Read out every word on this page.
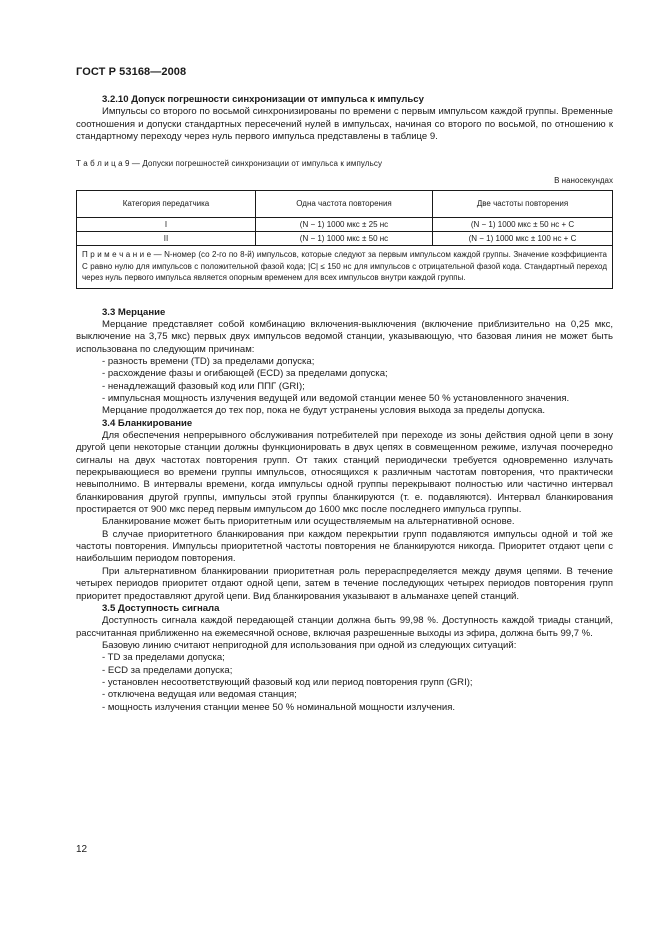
ГОСТ Р 53168—2008

3.2.10 Допуск погрешности синхронизации от импульса к импульсу

Импульсы со второго по восьмой синхронизированы по времени с первым импульсом каждой группы. Временные соотношения и допуски стандартных пересечений нулей в импульсах, начиная со второго по восьмой, по отношению к стандартному переходу через нуль первого импульса представлены в таблице 9.

Т а б л и ц а 9 — Допуски погрешностей синхронизации от импульса к импульсу

В наносекундах

Категория передатчика	Одна частота повторения	Две частоты повторения
I	(N − 1) 1000 мкс ± 25 нс	(N − 1) 1000 мкс ± 50 нс + C
II	(N − 1) 1000 мкс ± 50 нс	(N − 1) 1000 мкс ± 100 нс + C
П р и м е ч а н и е — N-номер (со 2-го по 8-й) импульсов, которые следуют за первым импульсом каждой группы. Значение коэффициента C равно нулю для импульсов с положительной фазой кода; |C| ≤ 150 нс для импульсов с отрицательной фазой кода. Стандартный переход через нуль первого импульса является опорным временем для всех импульсов внутри каждой группы.		

3.3 Мерцание

Мерцание представляет собой комбинацию включения-выключения (включение приблизительно на 0,25 мкс, выключение на 3,75 мкс) первых двух импульсов ведомой станции, указывающую, что базовая линия не может быть использована по следующим причинам:

- разность времени (TD) за пределами допуска;

- расхождение фазы и огибающей (ECD) за пределами допуска;

- ненадлежащий фазовый код или ППГ (GRI);

- импульсная мощность излучения ведущей или ведомой станции менее 50 % установленного значения.

Мерцание продолжается до тех пор, пока не будут устранены условия выхода за пределы допуска.

3.4 Бланкирование

Для обеспечения непрерывного обслуживания потребителей при переходе из зоны действия одной цепи в зону другой цепи некоторые станции должны функционировать в двух цепях в совмещенном режиме, излучая поочередно сигналы на двух частотах повторения групп. От таких станций периодически требуется одновременно излучать перекрывающиеся во времени группы импульсов, относящихся к различным частотам повторения, что практически невыполнимо. В интервалы времени, когда импульсы одной группы перекрывают полностью или частично интервал бланкирования другой группы, импульсы этой группы бланкируются (т. е. подавляются). Интервал бланкирования простирается от 900 мкс перед первым импульсом до 1600 мкс после последнего импульса группы.

Бланкирование может быть приоритетным или осуществляемым на альтернативной основе.

В случае приоритетного бланкирования при каждом перекрытии групп подавляются импульсы одной и той же частоты повторения. Импульсы приоритетной частоты повторения не бланкируются никогда. Приоритет отдают цепи с наибольшим периодом повторения.

При альтернативном бланкировании приоритетная роль перераспределяется между двумя цепями. В течение четырех периодов приоритет отдают одной цепи, затем в течение последующих четырех периодов повторения групп приоритет предоставляют другой цепи. Вид бланкирования указывают в альманахе цепей станций.

3.5 Доступность сигнала

Доступность сигнала каждой передающей станции должна быть 99,98 %. Доступность каждой триады станций, рассчитанная приближенно на ежемесячной основе, включая разрешенные выходы из эфира, должна быть 99,7 %.

Базовую линию считают непригодной для использования при одной из следующих ситуаций:

- TD за пределами допуска;

- ECD за пределами допуска;

- установлен несоответствующий фазовый код или период повторения групп (GRI);

- отключена ведущая или ведомая станция;

- мощность излучения станции менее 50 % номинальной мощности излучения.

12
